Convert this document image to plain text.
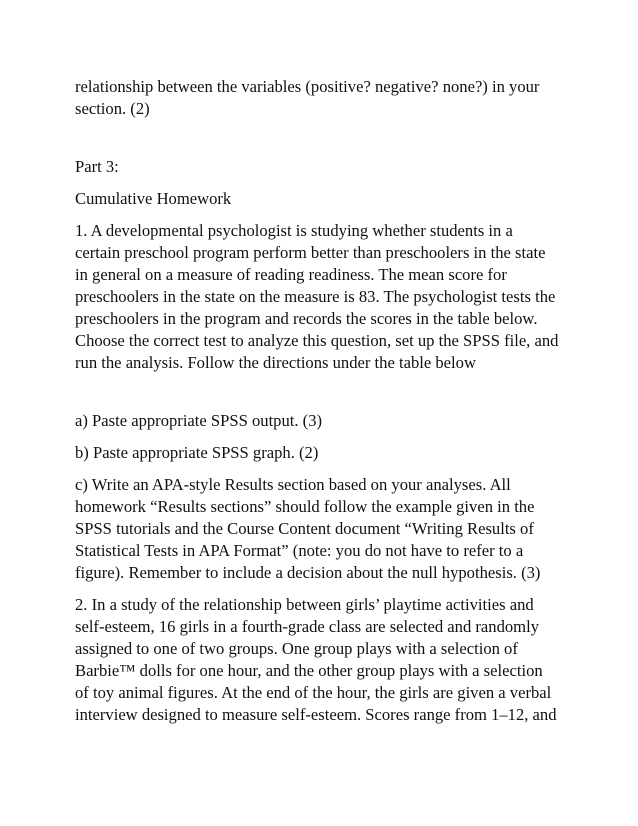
relationship between the variables (positive? negative? none?) in your
section. (2)

Part 3:

Cumulative Homework

1. A developmental psychologist is studying whether students in a
certain preschool program perform better than preschoolers in the state
in general on a measure of reading readiness. The mean score for
preschoolers in the state on the measure is 83. The psychologist tests the
preschoolers in the program and records the scores in the table below.
Choose the correct test to analyze this question, set up the SPSS file, and
run the analysis. Follow the directions under the table below

a) Paste appropriate SPSS output. (3)

b) Paste appropriate SPSS graph. (2)

c) Write an APA-style Results section based on your analyses. All
homework “Results sections” should follow the example given in the
SPSS tutorials and the Course Content document “Writing Results of
Statistical Tests in APA Format” (note: you do not have to refer to a
figure). Remember to include a decision about the null hypothesis. (3)

2. In a study of the relationship between girls’ playtime activities and
self-esteem, 16 girls in a fourth-grade class are selected and randomly
assigned to one of two groups. One group plays with a selection of
Barbie™ dolls for one hour, and the other group plays with a selection
of toy animal figures. At the end of the hour, the girls are given a verbal
interview designed to measure self-esteem. Scores range from 1–12, and
